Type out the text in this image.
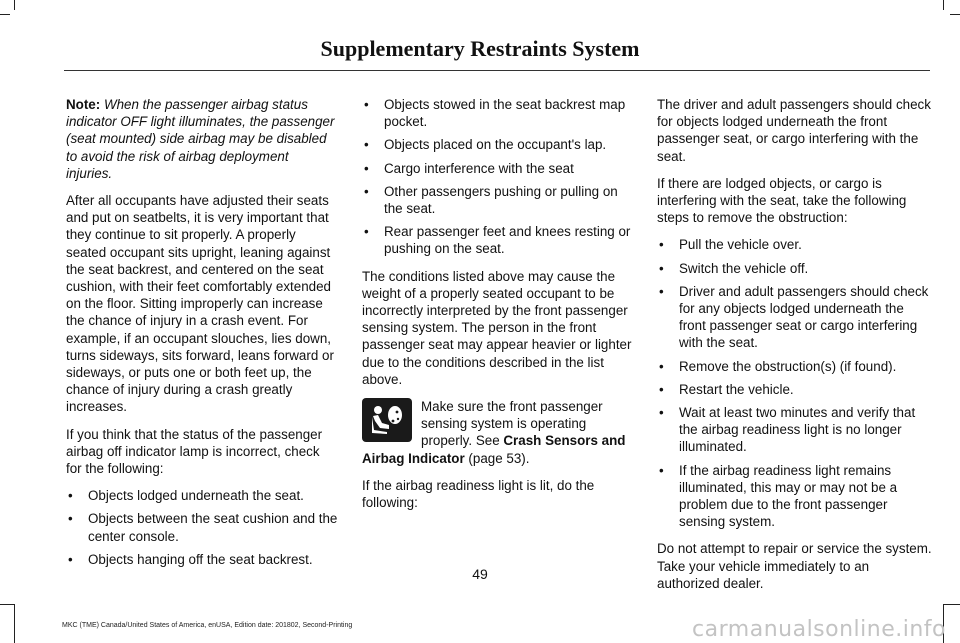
Supplementary Restraints System

Note: When the passenger airbag status indicator OFF light illuminates, the passenger (seat mounted) side airbag may be disabled to avoid the risk of airbag deployment injuries.

After all occupants have adjusted their seats and put on seatbelts, it is very important that they continue to sit properly. A properly seated occupant sits upright, leaning against the seat backrest, and centered on the seat cushion, with their feet comfortably extended on the floor. Sitting improperly can increase the chance of injury in a crash event. For example, if an occupant slouches, lies down, turns sideways, sits forward, leans forward or sideways, or puts one or both feet up, the chance of injury during a crash greatly increases.

If you think that the status of the passenger airbag off indicator lamp is incorrect, check for the following:

• Objects lodged underneath the seat.
• Objects between the seat cushion and the center console.
• Objects hanging off the seat backrest.
• Objects stowed in the seat backrest map pocket.
• Objects placed on the occupant's lap.
• Cargo interference with the seat
• Other passengers pushing or pulling on the seat.
• Rear passenger feet and knees resting or pushing on the seat.

The conditions listed above may cause the weight of a properly seated occupant to be incorrectly interpreted by the front passenger sensing system. The person in the front passenger seat may appear heavier or lighter due to the conditions described in the list above.

Make sure the front passenger sensing system is operating properly. See Crash Sensors and Airbag Indicator (page 53).

If the airbag readiness light is lit, do the following:

The driver and adult passengers should check for objects lodged underneath the front passenger seat, or cargo interfering with the seat.

If there are lodged objects, or cargo is interfering with the seat, take the following steps to remove the obstruction:

• Pull the vehicle over.
• Switch the vehicle off.
• Driver and adult passengers should check for any objects lodged underneath the front passenger seat or cargo interfering with the seat.
• Remove the obstruction(s) (if found).
• Restart the vehicle.
• Wait at least two minutes and verify that the airbag readiness light is no longer illuminated.
• If the airbag readiness light remains illuminated, this may or may not be a problem due to the front passenger sensing system.

Do not attempt to repair or service the system. Take your vehicle immediately to an authorized dealer.

49
MKC (TME) Canada/United States of America, enUSA, Edition date: 201802, Second-Printing	carmanualsonline.info
